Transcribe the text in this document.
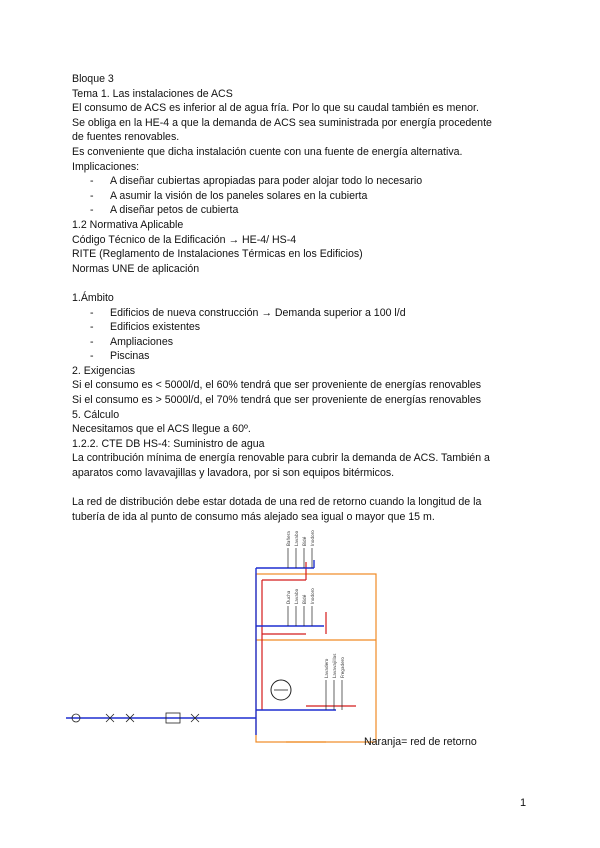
Bloque 3
Tema 1. Las instalaciones de ACS
El consumo de ACS es inferior al de agua fría. Por lo que su caudal también es menor.
Se obliga en la HE-4 a que la demanda de ACS sea suministrada por energía procedente
de fuentes renovables.
Es conveniente que dicha instalación cuente con una fuente de energía alternativa.
Implicaciones:
- A diseñar cubiertas apropiadas para poder alojar todo lo necesario
- A asumir la visión de los paneles solares en la cubierta
- A diseñar petos de cubierta
1.2 Normativa Aplicable
Código Técnico de la Edificación → HE-4/ HS-4
RITE (Reglamento de Instalaciones Térmicas en los Edificios)
Normas UNE de aplicación
1.Ámbito
- Edificios de nueva construcción → Demanda superior a 100 l/d
- Edificios existentes
- Ampliaciones
- Piscinas
2. Exigencias
Si el consumo es < 5000l/d, el 60% tendrá que ser proveniente de energías renovables
Si el consumo es > 5000l/d, el 70% tendrá que ser proveniente de energías renovables
5. Cálculo
Necesitamos que el ACS llegue a 60º.
1.2.2. CTE DB HS-4: Suministro de agua
La contribución mínima de energía renovable para cubrir la demanda de ACS. También a
aparatos como lavavajillas y lavadora, por si son equipos bitérmicos.
La red de distribución debe estar dotada de una red de retorno cuando la longitud de la
tubería de ida al punto de consumo más alejado sea igual o mayor que 15 m.
Bañera Lavabo Bidé Inodoro
Ducha Lavabo Bidé Inodoro
Lavadero Lavavajillas Fregadero
Naranja= red de retorno
1
